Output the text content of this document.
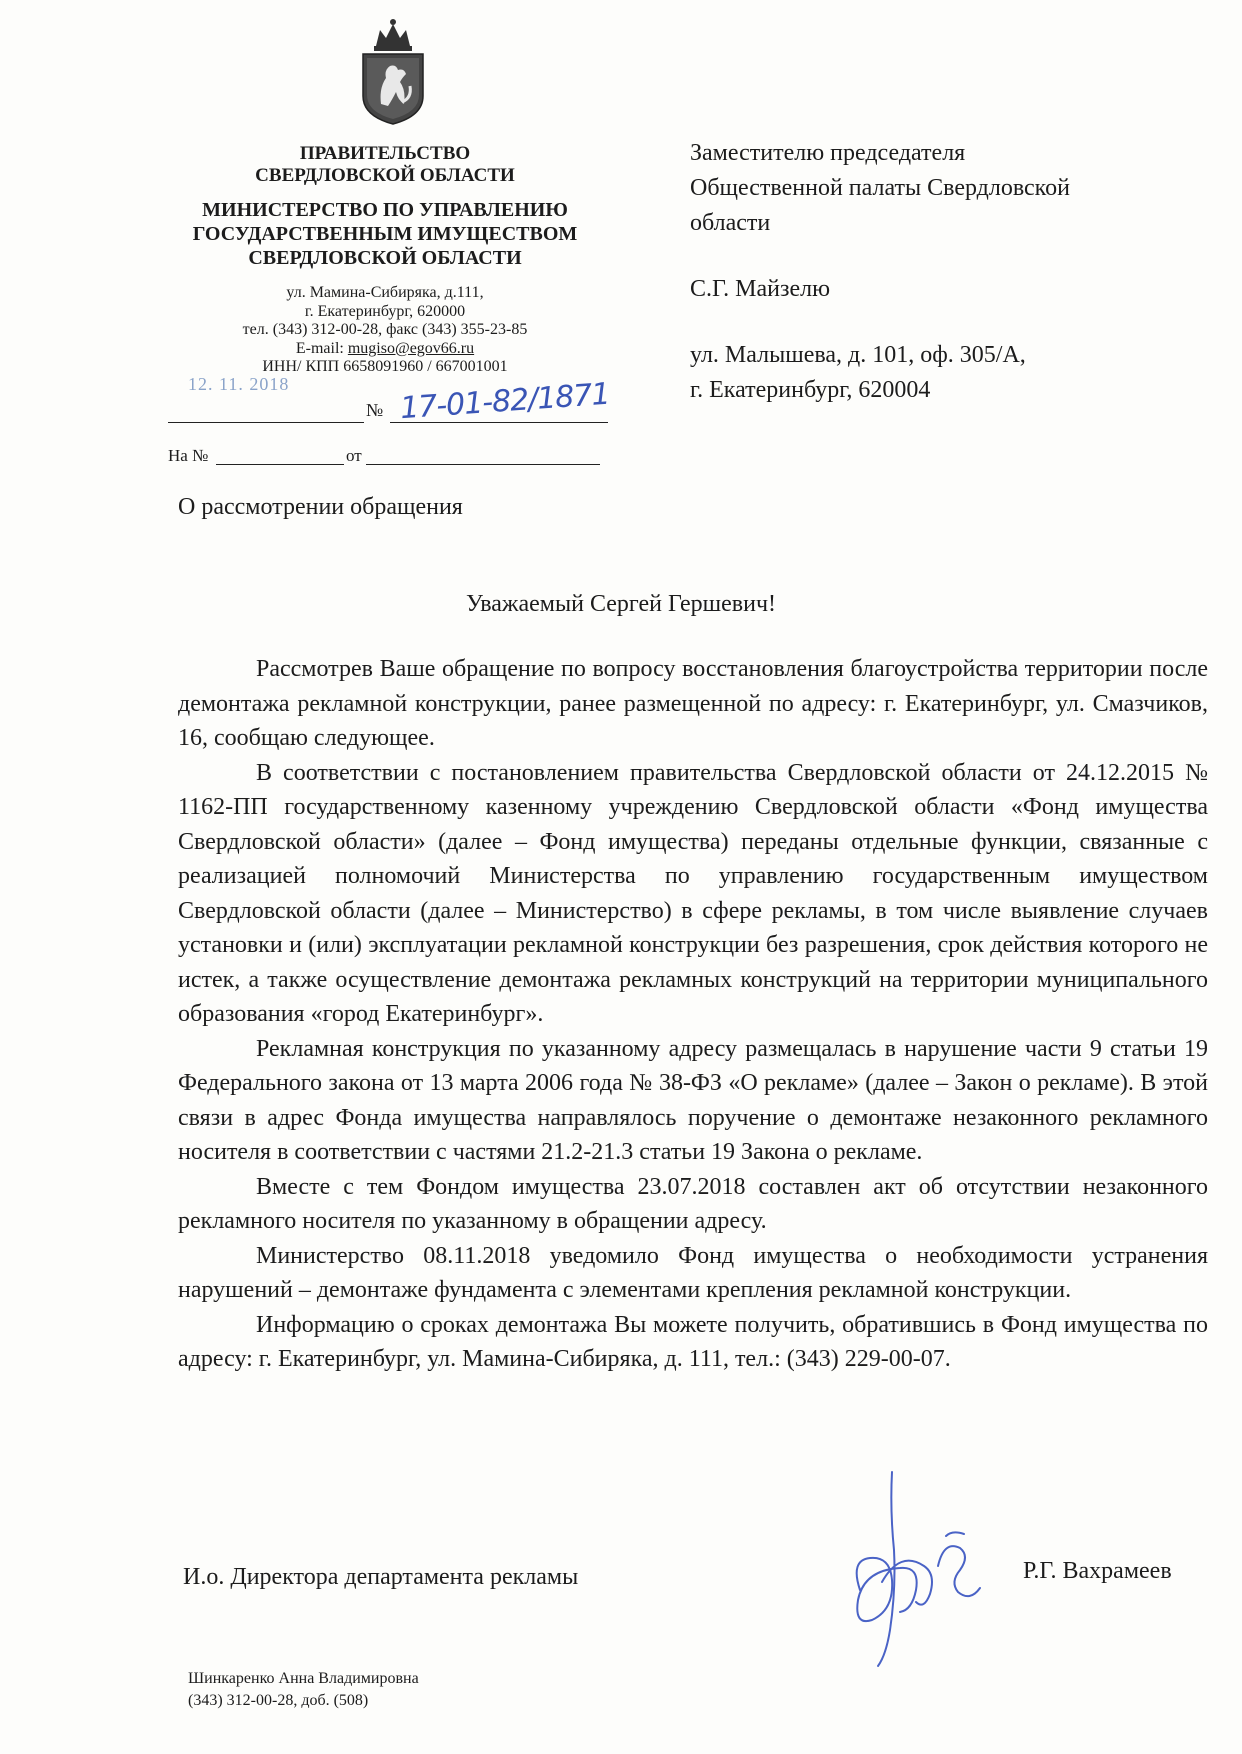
ПРАВИТЕЛЬСТВО
СВЕРДЛОВСКОЙ ОБЛАСТИ
МИНИСТЕРСТВО ПО УПРАВЛЕНИЮ
ГОСУДАРСТВЕННЫМ ИМУЩЕСТВОМ
СВЕРДЛОВСКОЙ ОБЛАСТИ
ул. Мамина-Сибиряка, д.111,
г. Екатеринбург, 620000
тел. (343) 312-00-28, факс (343) 355-23-85
E-mail: mugiso@egov66.ru
ИНН/ КПП 6658091960 / 667001001
12. 11. 2018
№ 17-01-82/1871
На №	от
О рассмотрении обращения

Заместителю председателя

Общественной палаты Свердловской

области

С.Г. Майзелю

ул. Малышева, д. 101, оф. 305/А,

г. Екатеринбург, 620004

Уважаемый Сергей Гершевич!

Рассмотрев Ваше обращение по вопросу восстановления благоустройства территории после демонтажа рекламной конструкции, ранее размещенной по адресу: г. Екатеринбург, ул. Смазчиков, 16, сообщаю следующее.

В соответствии с постановлением правительства Свердловской области от 24.12.2015 № 1162-ПП государственному казенному учреждению Свердловской области «Фонд имущества Свердловской области» (далее – Фонд имущества) переданы отдельные функции, связанные с реализацией полномочий Министерства по управлению государственным имуществом Свердловской области (далее – Министерство) в сфере рекламы, в том числе выявление случаев установки и (или) эксплуатации рекламной конструкции без разрешения, срок действия которого не истек, а также осуществление демонтажа рекламных конструкций на территории муниципального образования «город Екатеринбург».

Рекламная конструкция по указанному адресу размещалась в нарушение части 9 статьи 19 Федерального закона от 13 марта 2006 года № 38-ФЗ «О рекламе» (далее – Закон о рекламе). В этой связи в адрес Фонда имущества направлялось поручение о демонтаже незаконного рекламного носителя в соответствии с частями 21.2-21.3 статьи 19 Закона о рекламе.

Вместе с тем Фондом имущества 23.07.2018 составлен акт об отсутствии незаконного рекламного носителя по указанному в обращении адресу.

Министерство 08.11.2018 уведомило Фонд имущества о необходимости устранения нарушений – демонтаже фундамента с элементами крепления рекламной конструкции.

Информацию о сроках демонтажа Вы можете получить, обратившись в Фонд имущества по адресу: г. Екатеринбург, ул. Мамина-Сибиряка, д. 111, тел.: (343) 229-00-07.

И.о. Директора департамента рекламы	Р.Г. Вахрамеев
Шинкаренко Анна Владимировна
(343) 312-00-28, доб. (508)
